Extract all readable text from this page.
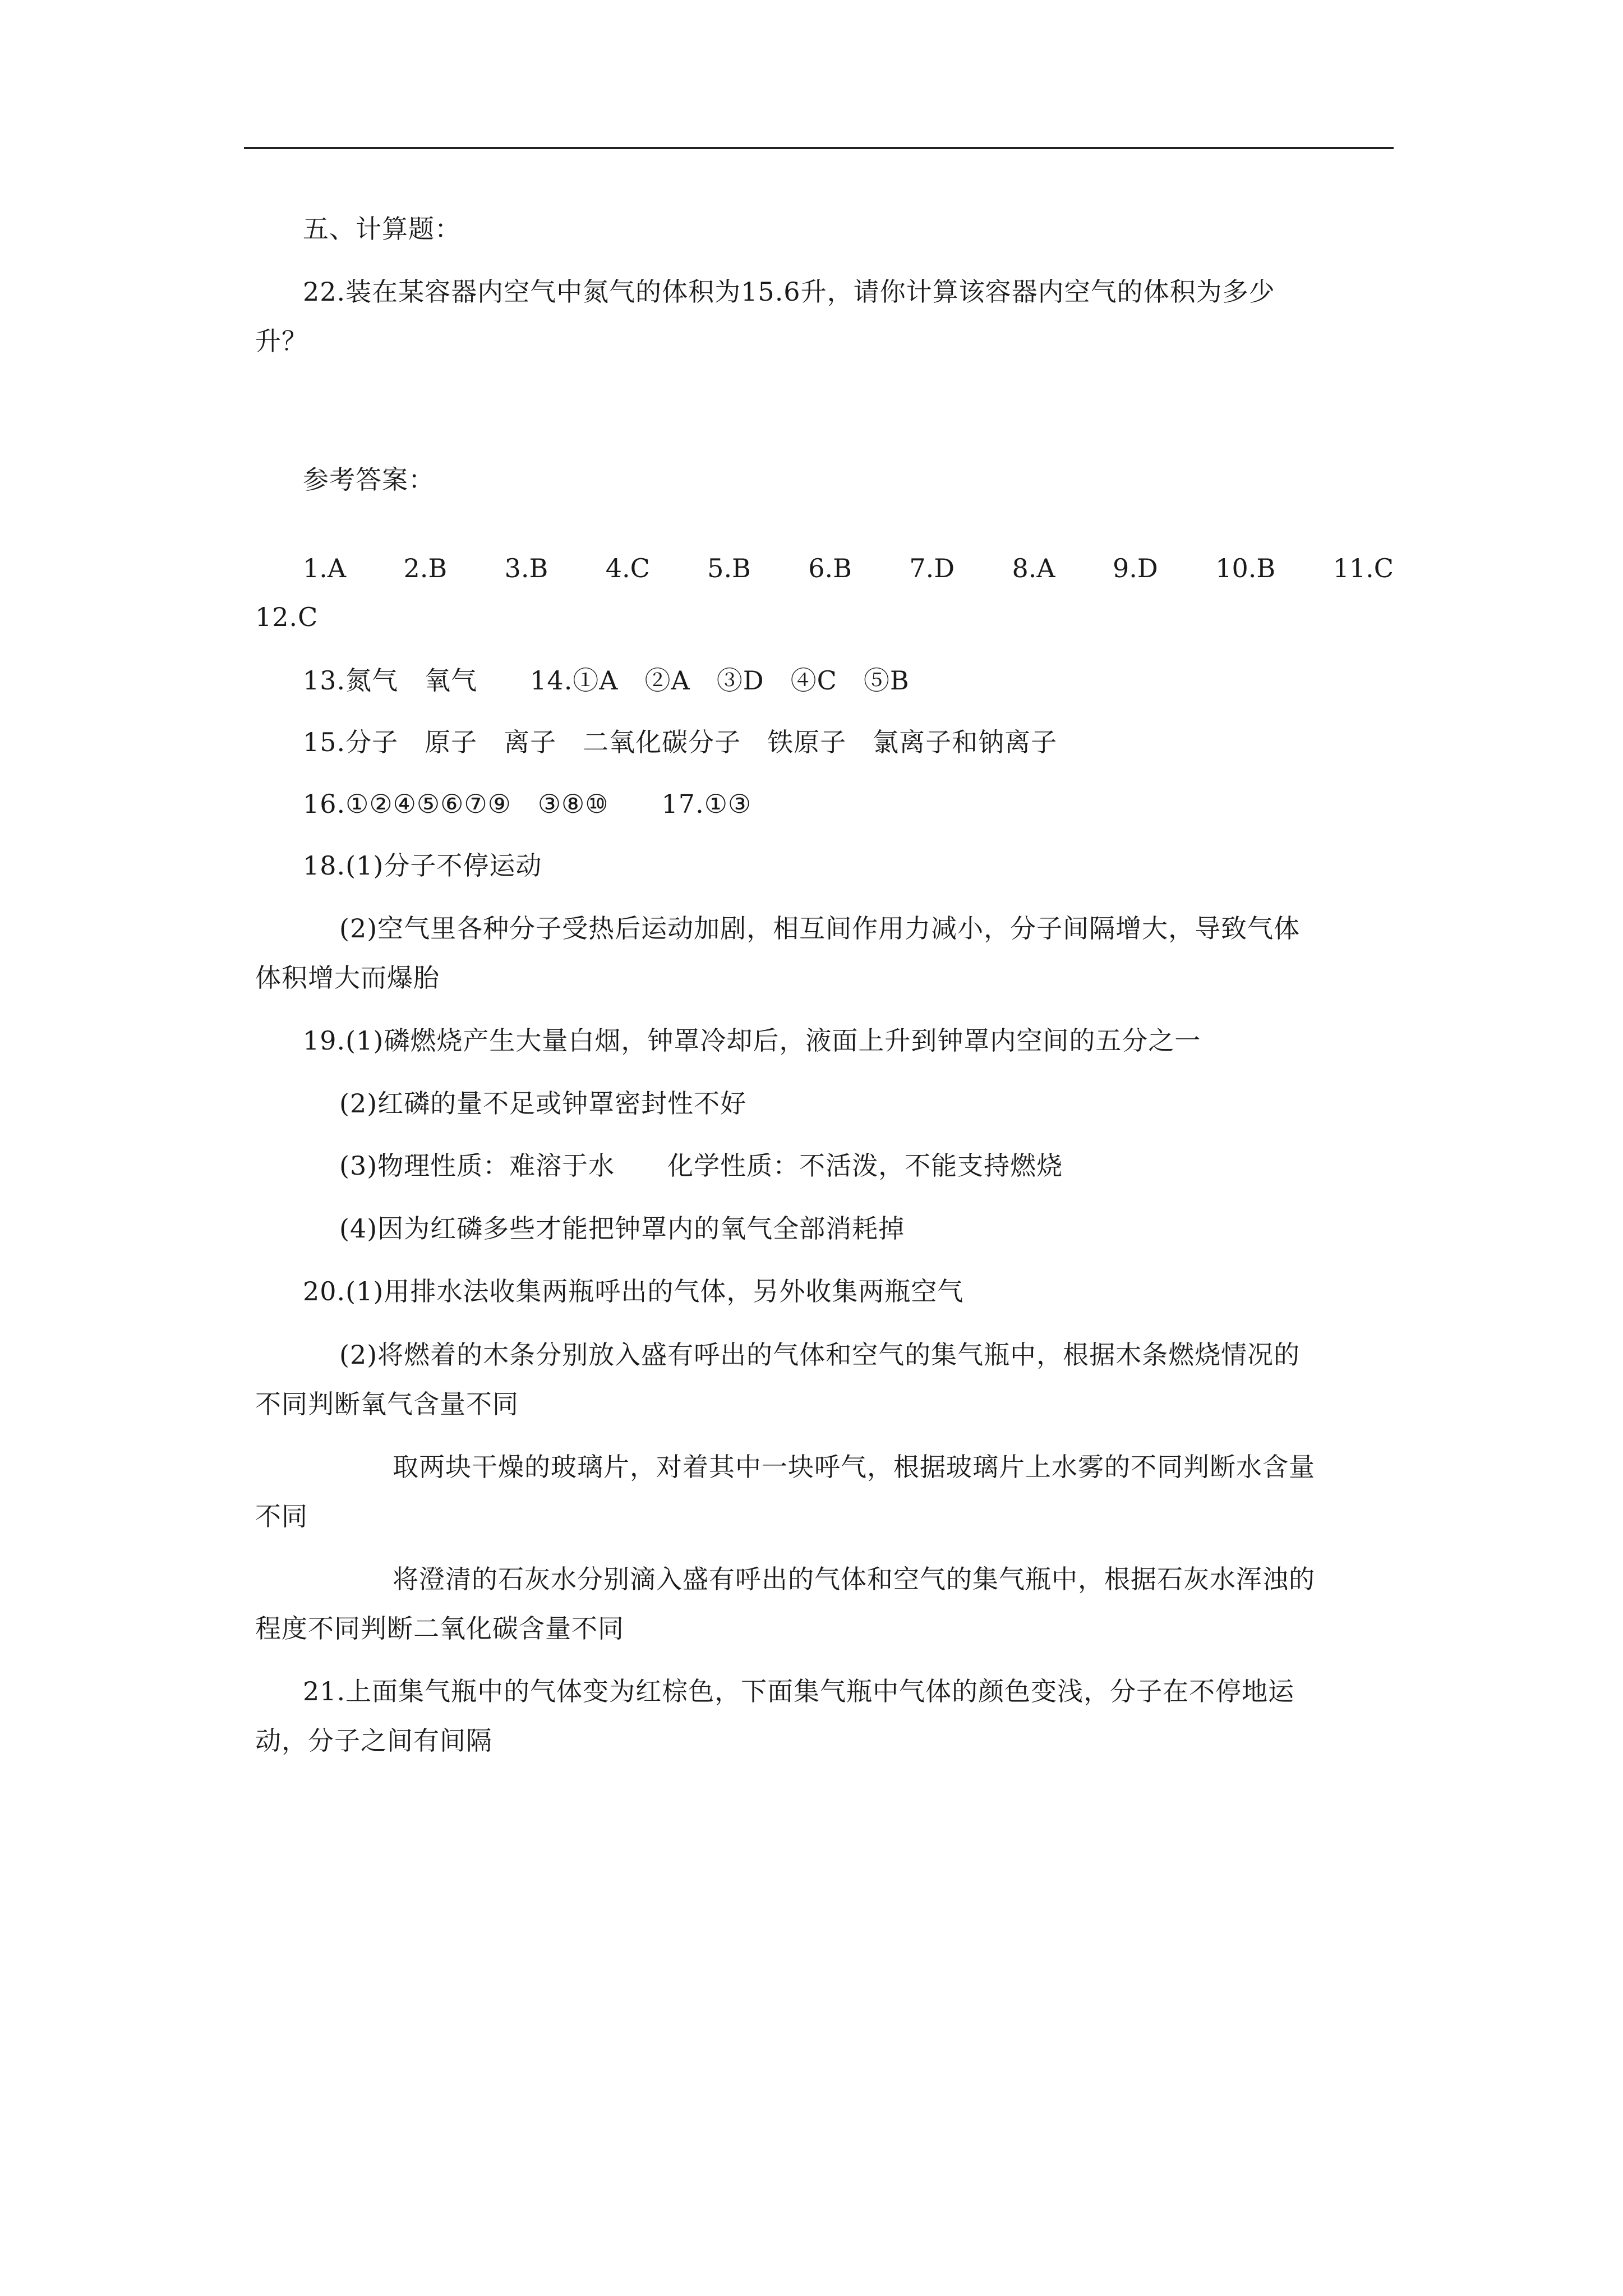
五、计算题：
22.装在某容器内空气中氮气的体积为15.6升，请你计算该容器内空气的体积为多少
升？
参考答案：
1.A 2.B 3.B 4.C 5.B 6.B 7.D 8.A 9.D 10.B 11.C
12.C
13.氮气　氧气　　14.①A　②A　③D　④C　⑤B
15.分子　原子　离子　二氧化碳分子　铁原子　氯离子和钠离子
16.①②④⑤⑥⑦⑨　③⑧⑩　　17.①③
18.(1)分子不停运动
(2)空气里各种分子受热后运动加剧，相互间作用力减小，分子间隔增大，导致气体
体积增大而爆胎
19.(1)磷燃烧产生大量白烟，钟罩冷却后，液面上升到钟罩内空间的五分之一
(2)红磷的量不足或钟罩密封性不好
(3)物理性质：难溶于水　　化学性质：不活泼，不能支持燃烧
(4)因为红磷多些才能把钟罩内的氧气全部消耗掉
20.(1)用排水法收集两瓶呼出的气体，另外收集两瓶空气
(2)将燃着的木条分别放入盛有呼出的气体和空气的集气瓶中，根据木条燃烧情况的
不同判断氧气含量不同
取两块干燥的玻璃片，对着其中一块呼气，根据玻璃片上水雾的不同判断水含量
不同
将澄清的石灰水分别滴入盛有呼出的气体和空气的集气瓶中，根据石灰水浑浊的
程度不同判断二氧化碳含量不同
21.上面集气瓶中的气体变为红棕色，下面集气瓶中气体的颜色变浅，分子在不停地运
动，分子之间有间隔
